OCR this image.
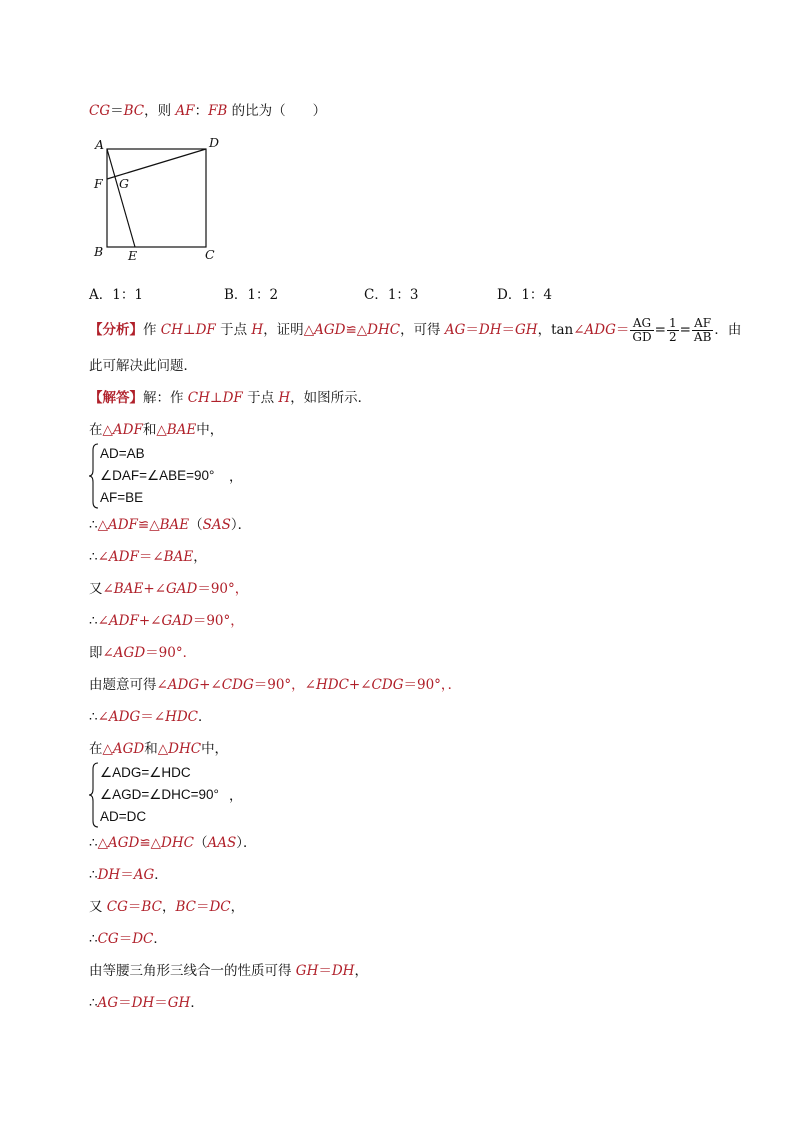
CG＝BC，则 AF：FB 的比为（　　）
A	D
F G
B E	C
A．1：1	B．1：2	C．1：3	D．1：4
【分析】作 CH⊥DF 于点 H，证明△AGD≌△DHC，可得 AG＝DH＝GH，tan∠ADG＝ $\frac{AG}{GD} = \frac{1}{2} = \frac{AF}{AB}$ ．由
此可解决此问题．
【解答】解：作 CH⊥DF 于点 H，如图所示．
在△ADF和△BAE中，
AD=AB
∠DAF=∠ABE=90°
AF=BE
，
∴△ADF≌△BAE（SAS）．
∴∠ADF＝∠BAE，
又∠BAE+∠GAD＝90°，
∴∠ADF+∠GAD＝90°，
即∠AGD＝90°．
由题意可得∠ADG+∠CDG＝90°，∠HDC+∠CDG＝90°，．
∴∠ADG＝∠HDC．
在△AGD和△DHC中，
∠ADG=∠HDC
∠AGD=∠DHC=90°
AD=DC
，
∴△AGD≌△DHC（AAS）．
∴DH＝AG．
又 CG＝BC，BC＝DC，
∴CG＝DC．
由等腰三角形三线合一的性质可得 GH＝DH，
∴AG＝DH＝GH．
